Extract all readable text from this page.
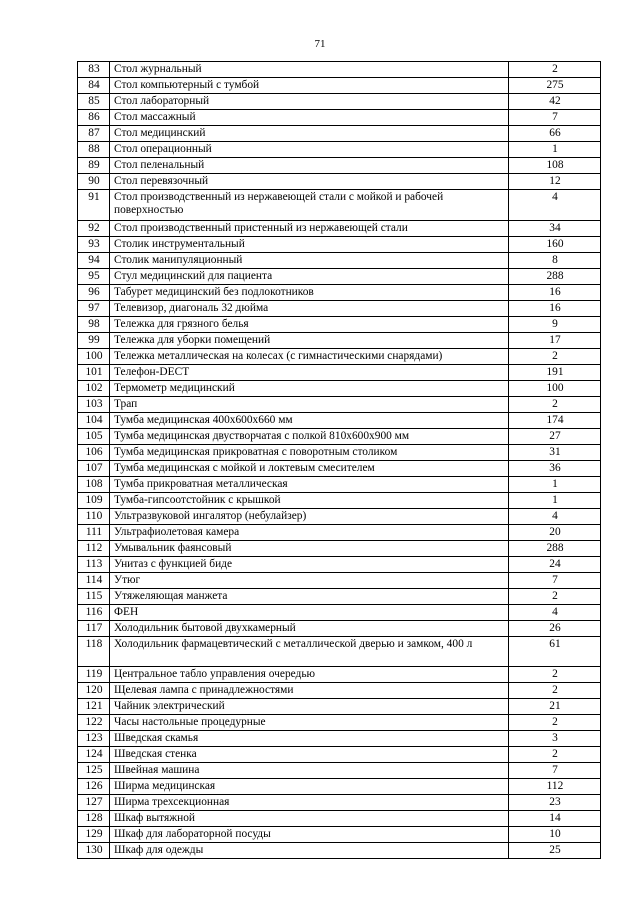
71
83	Стол журнальный	2
84	Стол компьютерный с тумбой	275
85	Стол лабораторный	42
86	Стол массажный	7
87	Стол медицинский	66
88	Стол операционный	1
89	Стол пеленальный	108
90	Стол перевязочный	12
91	Стол производственный из нержавеющей стали с мойкой и рабочей поверхностью	4
92	Стол производственный пристенный из нержавеющей стали	34
93	Столик инструментальный	160
94	Столик манипуляционный	8
95	Стул медицинский для пациента	288
96	Табурет медицинский без подлокотников	16
97	Телевизор, диагональ 32 дюйма	16
98	Тележка для грязного белья	9
99	Тележка для уборки помещений	17
100	Тележка металлическая на колесах (с гимнастическими снарядами)	2
101	Телефон-DECT	191
102	Термометр медицинский	100
103	Трап	2
104	Тумба медицинская 400х600х660 мм	174
105	Тумба медицинская двустворчатая с полкой 810х600х900 мм	27
106	Тумба медицинская прикроватная с поворотным столиком	31
107	Тумба медицинская с мойкой и локтевым смесителем	36
108	Тумба прикроватная металлическая	1
109	Тумба-гипсоотстойник с крышкой	1
110	Ультразвуковой ингалятор (небулайзер)	4
111	Ультрафиолетовая камера	20
112	Умывальник фаянсовый	288
113	Унитаз с функцией биде	24
114	Утюг	7
115	Утяжеляющая манжета	2
116	ФЕН	4
117	Холодильник бытовой двухкамерный	26
118	Холодильник фармацевтический с металлической дверью и замком, 400 л	61
119	Центральное табло управления очередью	2
120	Щелевая лампа с принадлежностями	2
121	Чайник электрический	21
122	Часы настольные процедурные	2
123	Шведская скамья	3
124	Шведская стенка	2
125	Швейная машина	7
126	Ширма медицинская	112
127	Ширма трехсекционная	23
128	Шкаф вытяжной	14
129	Шкаф для лабораторной посуды	10
130	Шкаф для одежды	25
